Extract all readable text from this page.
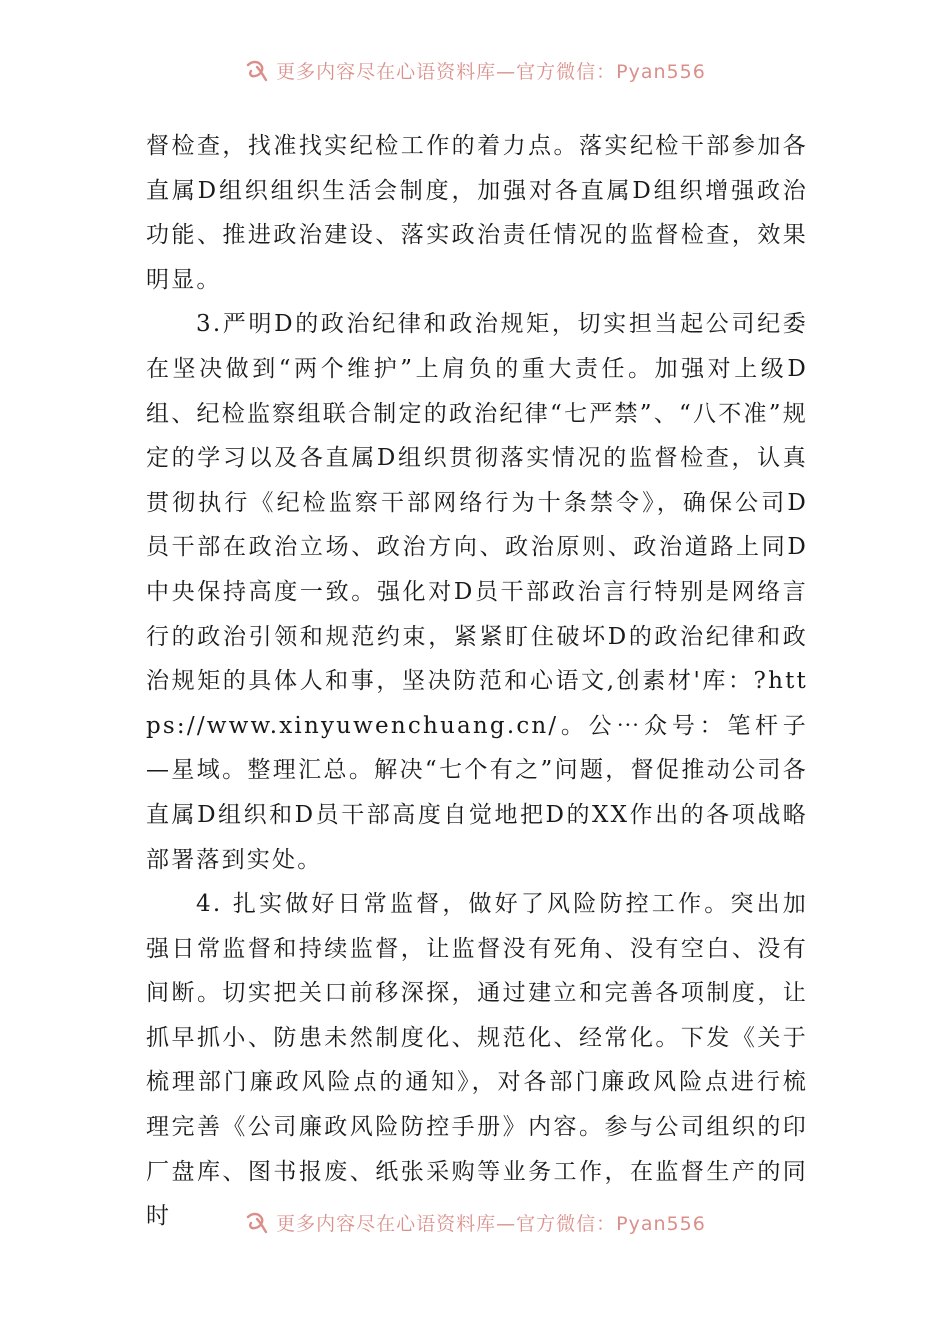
更多内容尽在心语资料库—官方微信：Pyan556

督检查，找准找实纪检工作的着力点。落实纪检干部参加各直属D组织组织生活会制度，加强对各直属D组织增强政治功能、推进政治建设、落实政治责任情况的监督检查，效果明显。

3.严明D的政治纪律和政治规矩，切实担当起公司纪委在坚决做到“两个维护”上肩负的重大责任。加强对上级D组、纪检监察组联合制定的政治纪律“七严禁”、“八不准”规定的学习以及各直属D组织贯彻落实情况的监督检查，认真贯彻执行《纪检监察干部网络行为十条禁令》，确保公司D员干部在政治立场、政治方向、政治原则、政治道路上同D中央保持高度一致。强化对D员干部政治言行特别是网络言行的政治引领和规范约束，紧紧盯住破坏D的政治纪律和政治规矩的具体人和事，坚决防范和心语文,创素材'库：?https://www.xinyuwenchuang.cn/。公⋯众号：笔杆子—星域。整理汇总。解决“七个有之”问题，督促推动公司各直属D组织和D员干部高度自觉地把D的XX作出的各项战略部署落到实处。

4. 扎实做好日常监督，做好了风险防控工作。突出加强日常监督和持续监督，让监督没有死角、没有空白、没有间断。切实把关口前移深探，通过建立和完善各项制度，让抓早抓小、防患未然制度化、规范化、经常化。下发《关于梳理部门廉政风险点的通知》，对各部门廉政风险点进行梳理完善《公司廉政风险防控手册》内容。参与公司组织的印厂盘库、图书报废、纸张采购等业务工作，在监督生产的同时	更多内容尽在心语资料库—官方微信：Pyan556
